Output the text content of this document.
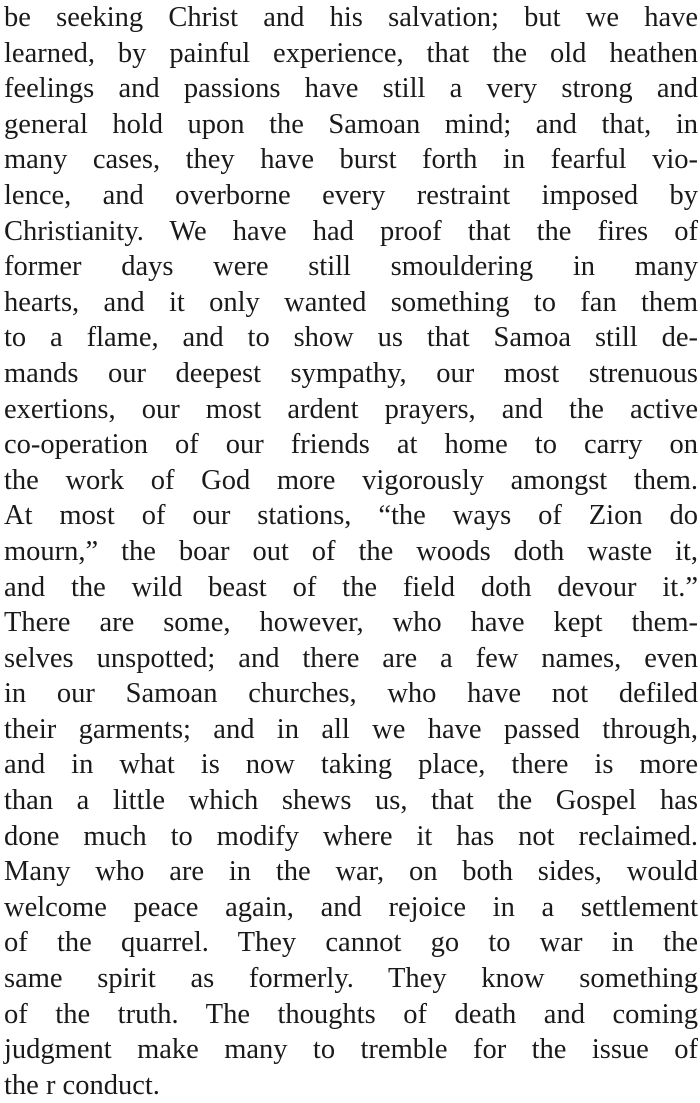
be seeking Christ and his salvation; but we have
learned, by painful experience, that the old heathen
feelings and passions have still a very strong and
general hold upon the Samoan mind; and that, in
many cases, they have burst forth in fearful vio-
lence, and overborne every restraint imposed by
Christianity. We have had proof that the fires of
former days were still smouldering in many
hearts, and it only wanted something to fan them
to a flame, and to show us that Samoa still de-
mands our deepest sympathy, our most strenuous
exertions, our most ardent prayers, and the active
co-operation of our friends at home to carry on
the work of God more vigorously amongst them.
At most of our stations, “the ways of Zion do
mourn,” the boar out of the woods doth waste it,
and the wild beast of the field doth devour it.”
There are some, however, who have kept them-
selves unspotted; and there are a few names, even
in our Samoan churches, who have not defiled
their garments; and in all we have passed through,
and in what is now taking place, there is more
than a little which shews us, that the Gospel has
done much to modify where it has not reclaimed.
Many who are in the war, on both sides, would
welcome peace again, and rejoice in a settlement
of the quarrel. They cannot go to war in the
same spirit as formerly. They know something
of the truth. The thoughts of death and coming
judgment make many to tremble for the issue of
the r conduct.
